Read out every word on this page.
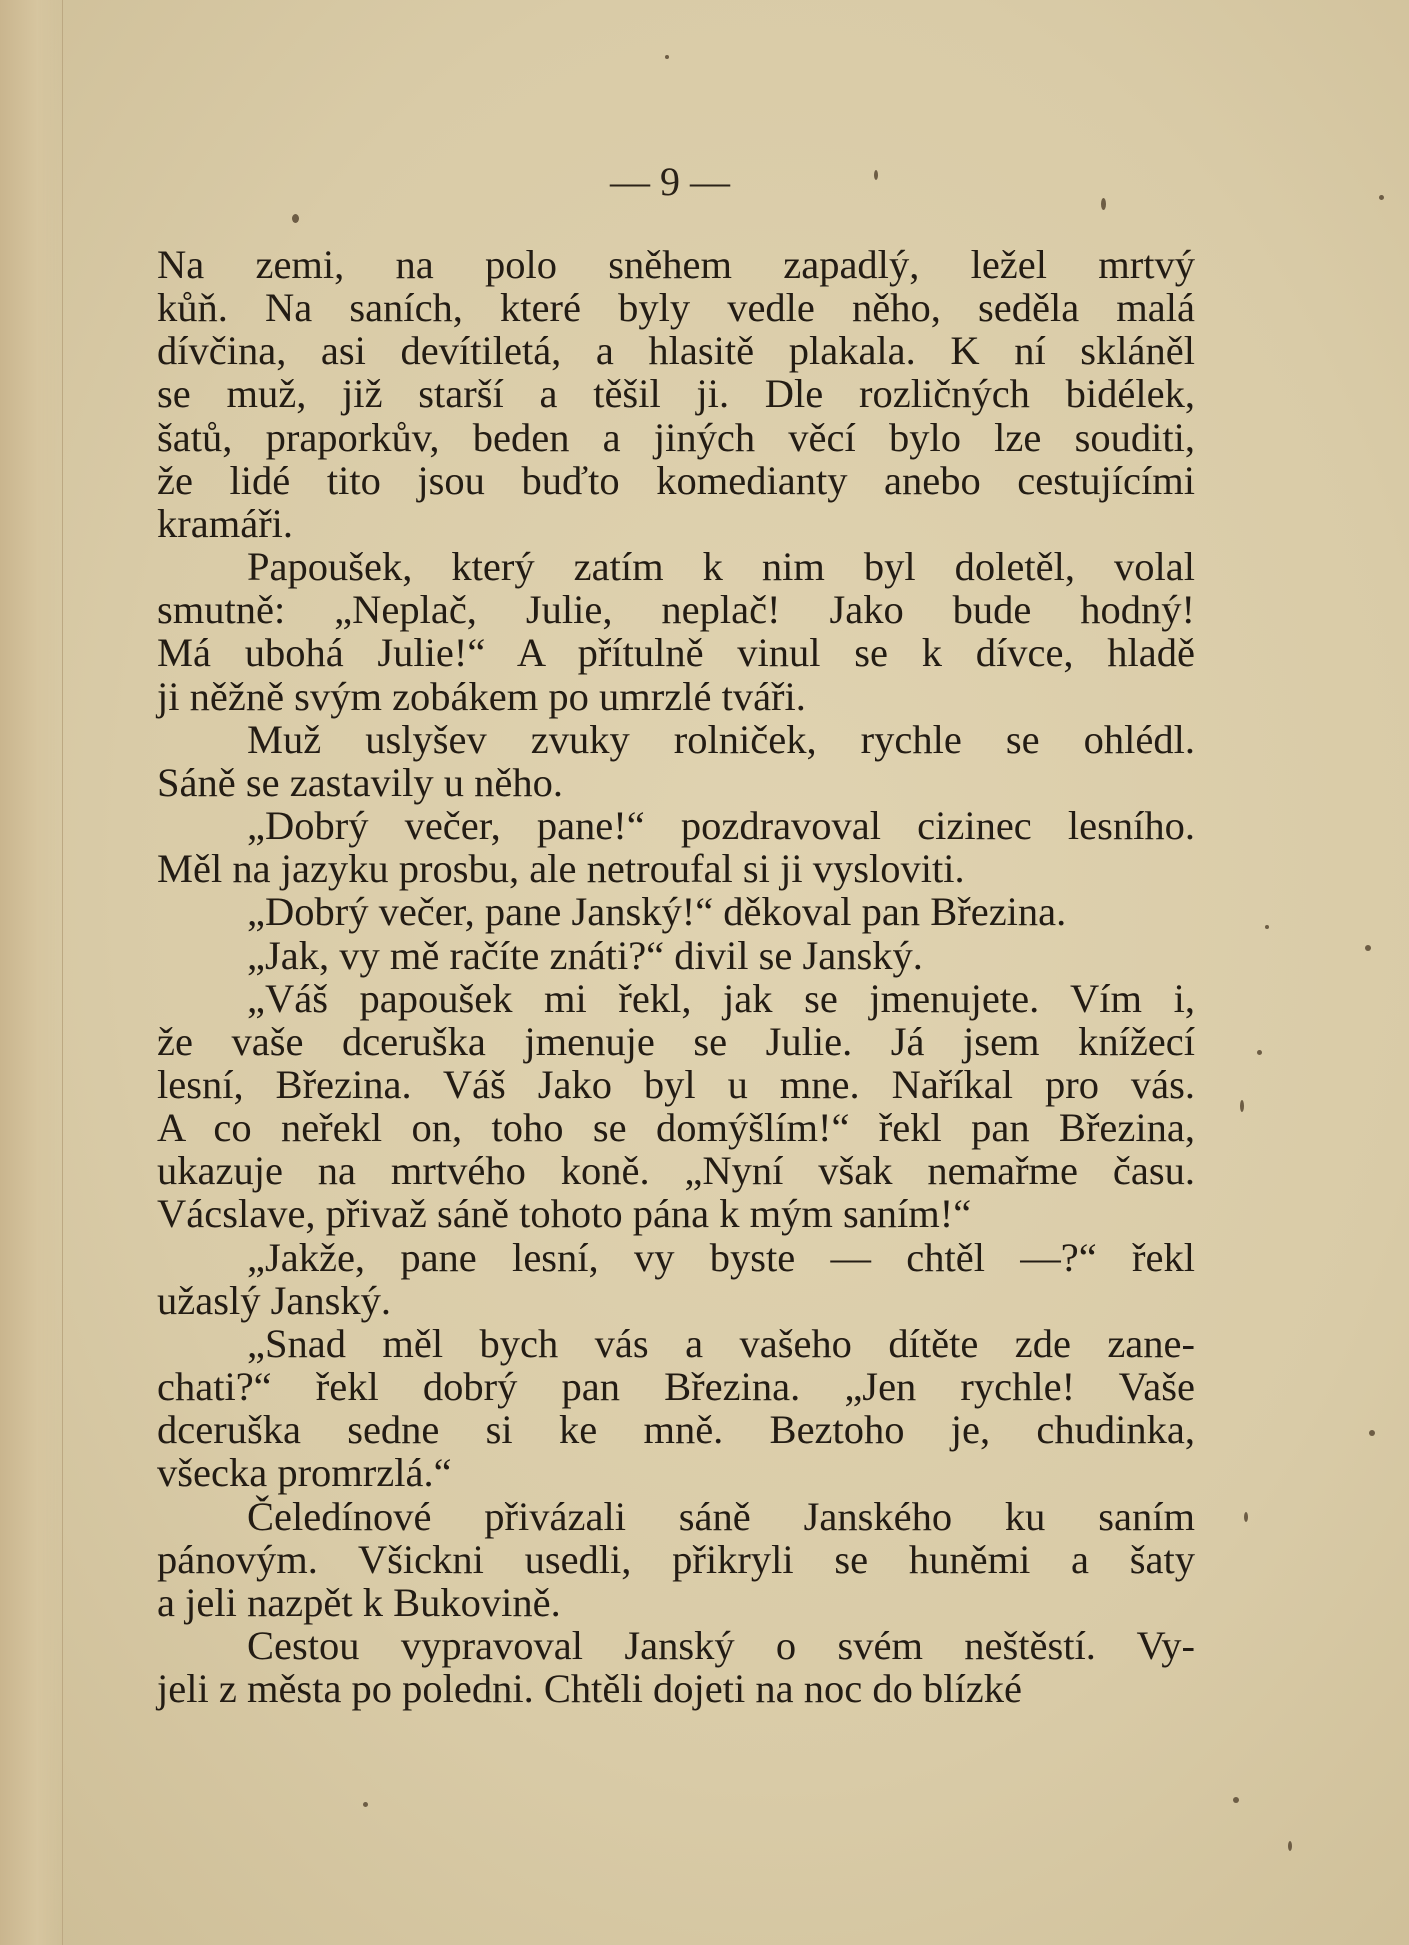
— 9 —
Na zemi, na polo sněhem zapadlý, ležel mrtvý
kůň. Na saních, které byly vedle něho, seděla malá
dívčina, asi devítiletá, a hlasitě plakala. K ní skláněl
se muž, již starší a těšil ji. Dle rozličných bidélek,
šatů, praporkův, beden a jiných věcí bylo lze souditi,
že lidé tito jsou buďto komedianty anebo cestujícími
kramáři.
Papoušek, který zatím k nim byl doletěl, volal
smutně: „Neplač, Julie, neplač! Jako bude hodný!
Má ubohá Julie!“ A přítulně vinul se k dívce, hladě
ji něžně svým zobákem po umrzlé tváři.
Muž uslyšev zvuky rolniček, rychle se ohlédl.
Sáně se zastavily u něho.
„Dobrý večer, pane!“ pozdravoval cizinec lesního.
Měl na jazyku prosbu, ale netroufal si ji vysloviti.
„Dobrý večer, pane Janský!“ děkoval pan Březina.
„Jak, vy mě račíte znáti?“ divil se Janský.
„Váš papoušek mi řekl, jak se jmenujete. Vím i,
že vaše dceruška jmenuje se Julie. Já jsem knížecí
lesní, Březina. Váš Jako byl u mne. Naříkal pro vás.
A co neřekl on, toho se domýšlím!“ řekl pan Březina,
ukazuje na mrtvého koně. „Nyní však nemařme času.
Vácslave, přivaž sáně tohoto pána k mým saním!“
„Jakže, pane lesní, vy byste — chtěl —?“ řekl
užaslý Janský.
„Snad měl bych vás a vašeho dítěte zde zane-
chati?“ řekl dobrý pan Březina. „Jen rychle! Vaše
dceruška sedne si ke mně. Beztoho je, chudinka,
všecka promrzlá.“
Čeledínové přivázali sáně Janského ku saním
pánovým. Všickni usedli, přikryli se huněmi a šaty
a jeli nazpět k Bukovině.
Cestou vypravoval Janský o svém neštěstí. Vy-
jeli z města po poledni. Chtěli dojeti na noc do blízké
